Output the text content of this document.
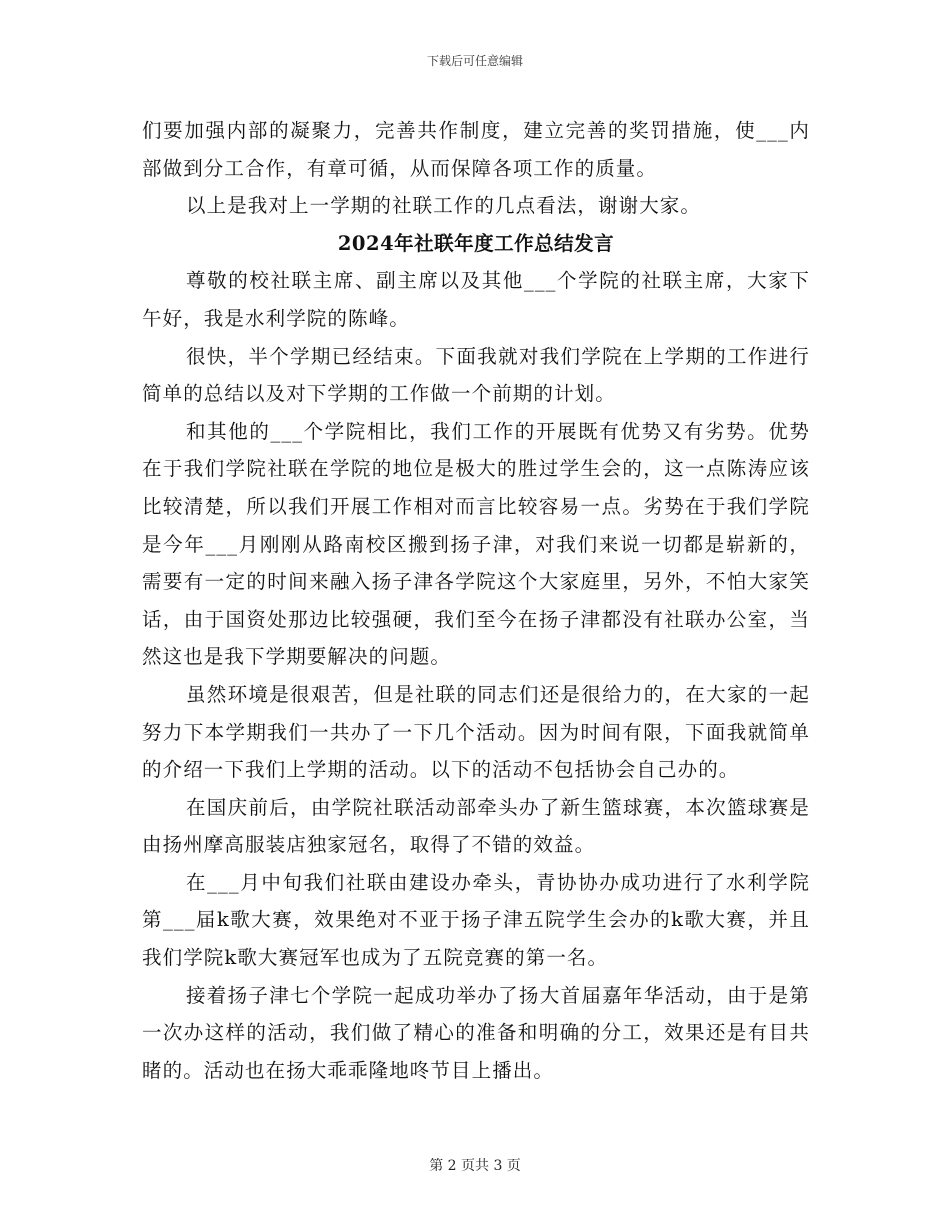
下载后可任意编辑

们要加强内部的凝聚力，完善共作制度，建立完善的奖罚措施，使___内部做到分工合作，有章可循，从而保障各项工作的质量。

以上是我对上一学期的社联工作的几点看法，谢谢大家。

2024年社联年度工作总结发言

尊敬的校社联主席、副主席以及其他___个学院的社联主席，大家下午好，我是水利学院的陈峰。

很快，半个学期已经结束。下面我就对我们学院在上学期的工作进行简单的总结以及对下学期的工作做一个前期的计划。

和其他的___个学院相比，我们工作的开展既有优势又有劣势。优势在于我们学院社联在学院的地位是极大的胜过学生会的，这一点陈涛应该比较清楚，所以我们开展工作相对而言比较容易一点。劣势在于我们学院是今年___月刚刚从路南校区搬到扬子津，对我们来说一切都是崭新的，需要有一定的时间来融入扬子津各学院这个大家庭里，另外，不怕大家笑话，由于国资处那边比较强硬，我们至今在扬子津都没有社联办公室，当然这也是我下学期要解决的问题。

虽然环境是很艰苦，但是社联的同志们还是很给力的，在大家的一起努力下本学期我们一共办了一下几个活动。因为时间有限，下面我就简单的介绍一下我们上学期的活动。以下的活动不包括协会自己办的。

在国庆前后，由学院社联活动部牵头办了新生篮球赛，本次篮球赛是由扬州摩高服装店独家冠名，取得了不错的效益。

在___月中旬我们社联由建设办牵头，青协协办成功进行了水利学院第___届k歌大赛，效果绝对不亚于扬子津五院学生会办的k歌大赛，并且我们学院k歌大赛冠军也成为了五院竞赛的第一名。

接着扬子津七个学院一起成功举办了扬大首届嘉年华活动，由于是第一次办这样的活动，我们做了精心的准备和明确的分工，效果还是有目共睹的。活动也在扬大乖乖隆地咚节目上播出。

第 2 页共 3 页
